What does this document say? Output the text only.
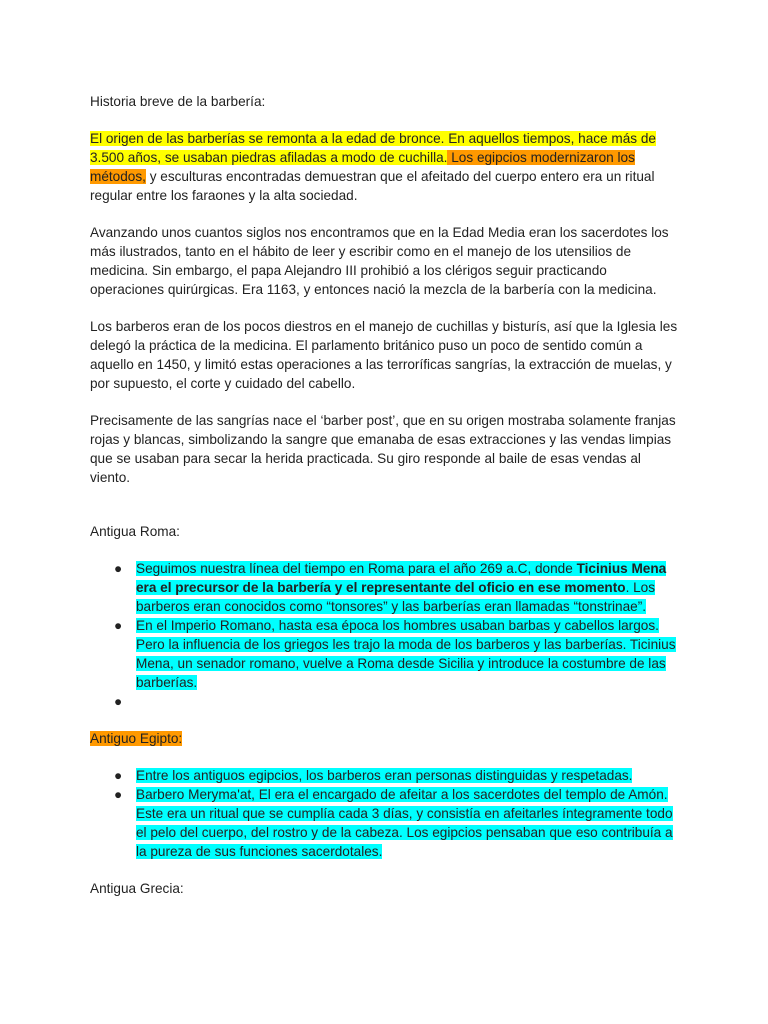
Historia breve de la barbería:

El origen de las barberías se remonta a la edad de bronce. En aquellos tiempos, hace más de 3.500 años, se usaban piedras afiladas a modo de cuchilla. Los egipcios modernizaron los métodos, y esculturas encontradas demuestran que el afeitado del cuerpo entero era un ritual regular entre los faraones y la alta sociedad.

Avanzando unos cuantos siglos nos encontramos que en la Edad Media eran los sacerdotes los más ilustrados, tanto en el hábito de leer y escribir como en el manejo de los utensilios de medicina. Sin embargo, el papa Alejandro III prohibió a los clérigos seguir practicando operaciones quirúrgicas. Era 1163, y entonces nació la mezcla de la barbería con la medicina.

Los barberos eran de los pocos diestros en el manejo de cuchillas y bisturís, así que la Iglesia les delegó la práctica de la medicina. El parlamento británico puso un poco de sentido común a aquello en 1450, y limitó estas operaciones a las terroríficas sangrías, la extracción de muelas, y por supuesto, el corte y cuidado del cabello.

Precisamente de las sangrías nace el ‘barber post’, que en su origen mostraba solamente franjas rojas y blancas, simbolizando la sangre que emanaba de esas extracciones y las vendas limpias que se usaban para secar la herida practicada. Su giro responde al baile de esas vendas al viento.

Antigua Roma:

● Seguimos nuestra línea del tiempo en Roma para el año 269 a.C, donde Ticinius Mena era el precursor de la barbería y el representante del oficio en ese momento. Los barberos eran conocidos como “tonsores” y las barberías eran llamadas “tonstrinae”.
● En el Imperio Romano, hasta esa época los hombres usaban barbas y cabellos largos. Pero la influencia de los griegos les trajo la moda de los barberos y las barberías. Ticinius Mena, un senador romano, vuelve a Roma desde Sicilia y introduce la costumbre de las barberías.
●

Antiguo Egipto:

● Entre los antiguos egipcios, los barberos eran personas distinguidas y respetadas.
● Barbero Meryma'at, El era el encargado de afeitar a los sacerdotes del templo de Amón. Este era un ritual que se cumplía cada 3 días, y consistía en afeitarles íntegramente todo el pelo del cuerpo, del rostro y de la cabeza. Los egipcios pensaban que eso contribuía a la pureza de sus funciones sacerdotales.

Antigua Grecia:
